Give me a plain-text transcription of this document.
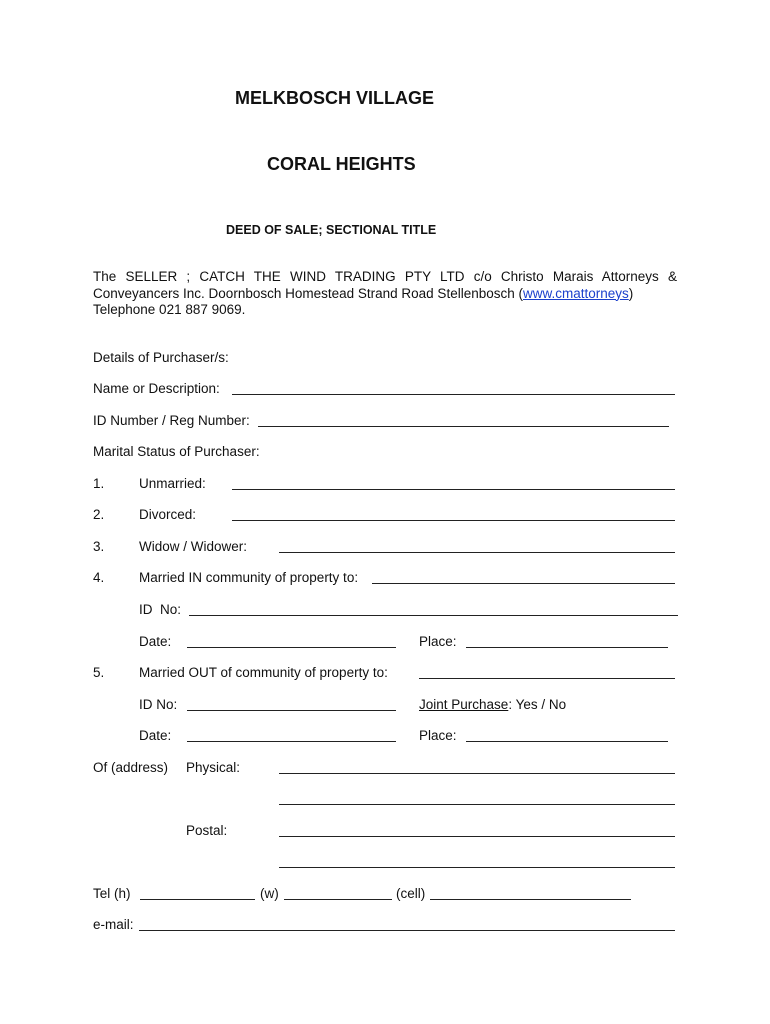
MELKBOSCH VILLAGE
CORAL HEIGHTS
DEED OF SALE; SECTIONAL TITLE
The SELLER ; CATCH THE WIND TRADING PTY LTD c/o Christo Marais Attorneys &
Conveyancers Inc. Doornbosch Homestead Strand Road Stellenbosch (www.cmattorneys)
Telephone 021 887 9069.
Details of Purchaser/s:
Name or Description:
ID Number / Reg Number:
Marital Status of Purchaser:
1.	Unmarried:
2.	Divorced:
3.	Widow / Widower:
4.	Married IN community of property to:
ID  No:
Date:	Place:
5.	Married OUT of community of property to:
ID No:	Joint Purchase: Yes / No
Date:	Place:
Of (address) Physical:
Postal:
Tel (h)	(w)	(cell)
e-mail:
